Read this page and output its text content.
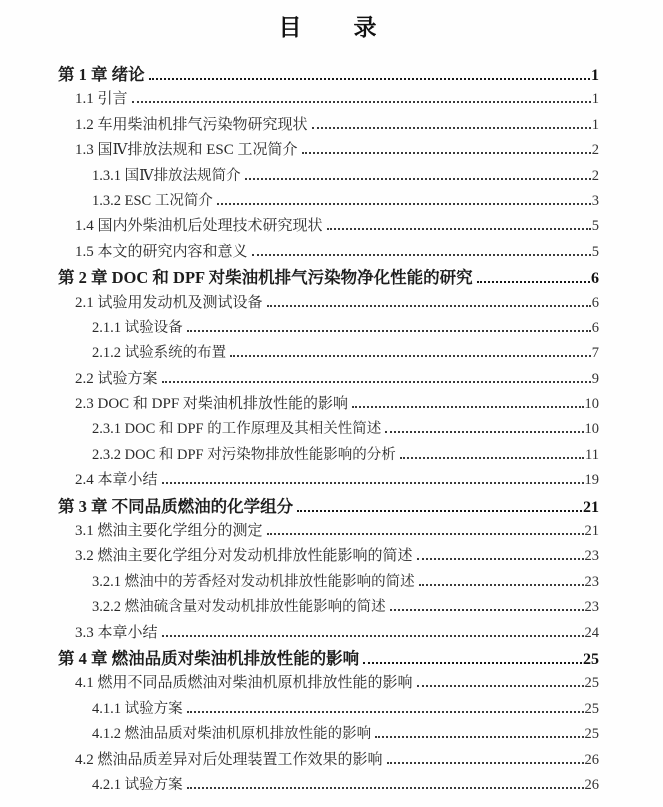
目　　录
第 1 章 绪论	1
1.1 引言	1
1.2 车用柴油机排气污染物研究现状	1
1.3 国Ⅳ排放法规和 ESC 工况简介	2
1.3.1 国Ⅳ排放法规简介	2
1.3.2 ESC 工况简介	3
1.4 国内外柴油机后处理技术研究现状	5
1.5 本文的研究内容和意义	5
第 2 章 DOC 和 DPF 对柴油机排气污染物净化性能的研究	6
2.1 试验用发动机及测试设备	6
2.1.1 试验设备	6
2.1.2 试验系统的布置	7
2.2 试验方案	9
2.3 DOC 和 DPF 对柴油机排放性能的影响	10
2.3.1 DOC 和 DPF 的工作原理及其相关性简述	10
2.3.2 DOC 和 DPF 对污染物排放性能影响的分析	11
2.4 本章小结	19
第 3 章 不同品质燃油的化学组分	21
3.1 燃油主要化学组分的测定	21
3.2 燃油主要化学组分对发动机排放性能影响的简述	23
3.2.1 燃油中的芳香烃对发动机排放性能影响的简述	23
3.2.2 燃油硫含量对发动机排放性能影响的简述	23
3.3 本章小结	24
第 4 章 燃油品质对柴油机排放性能的影响	25
4.1 燃用不同品质燃油对柴油机原机排放性能的影响	25
4.1.1 试验方案	25
4.1.2 燃油品质对柴油机原机排放性能的影响	25
4.2 燃油品质差异对后处理装置工作效果的影响	26
4.2.1 试验方案	26
